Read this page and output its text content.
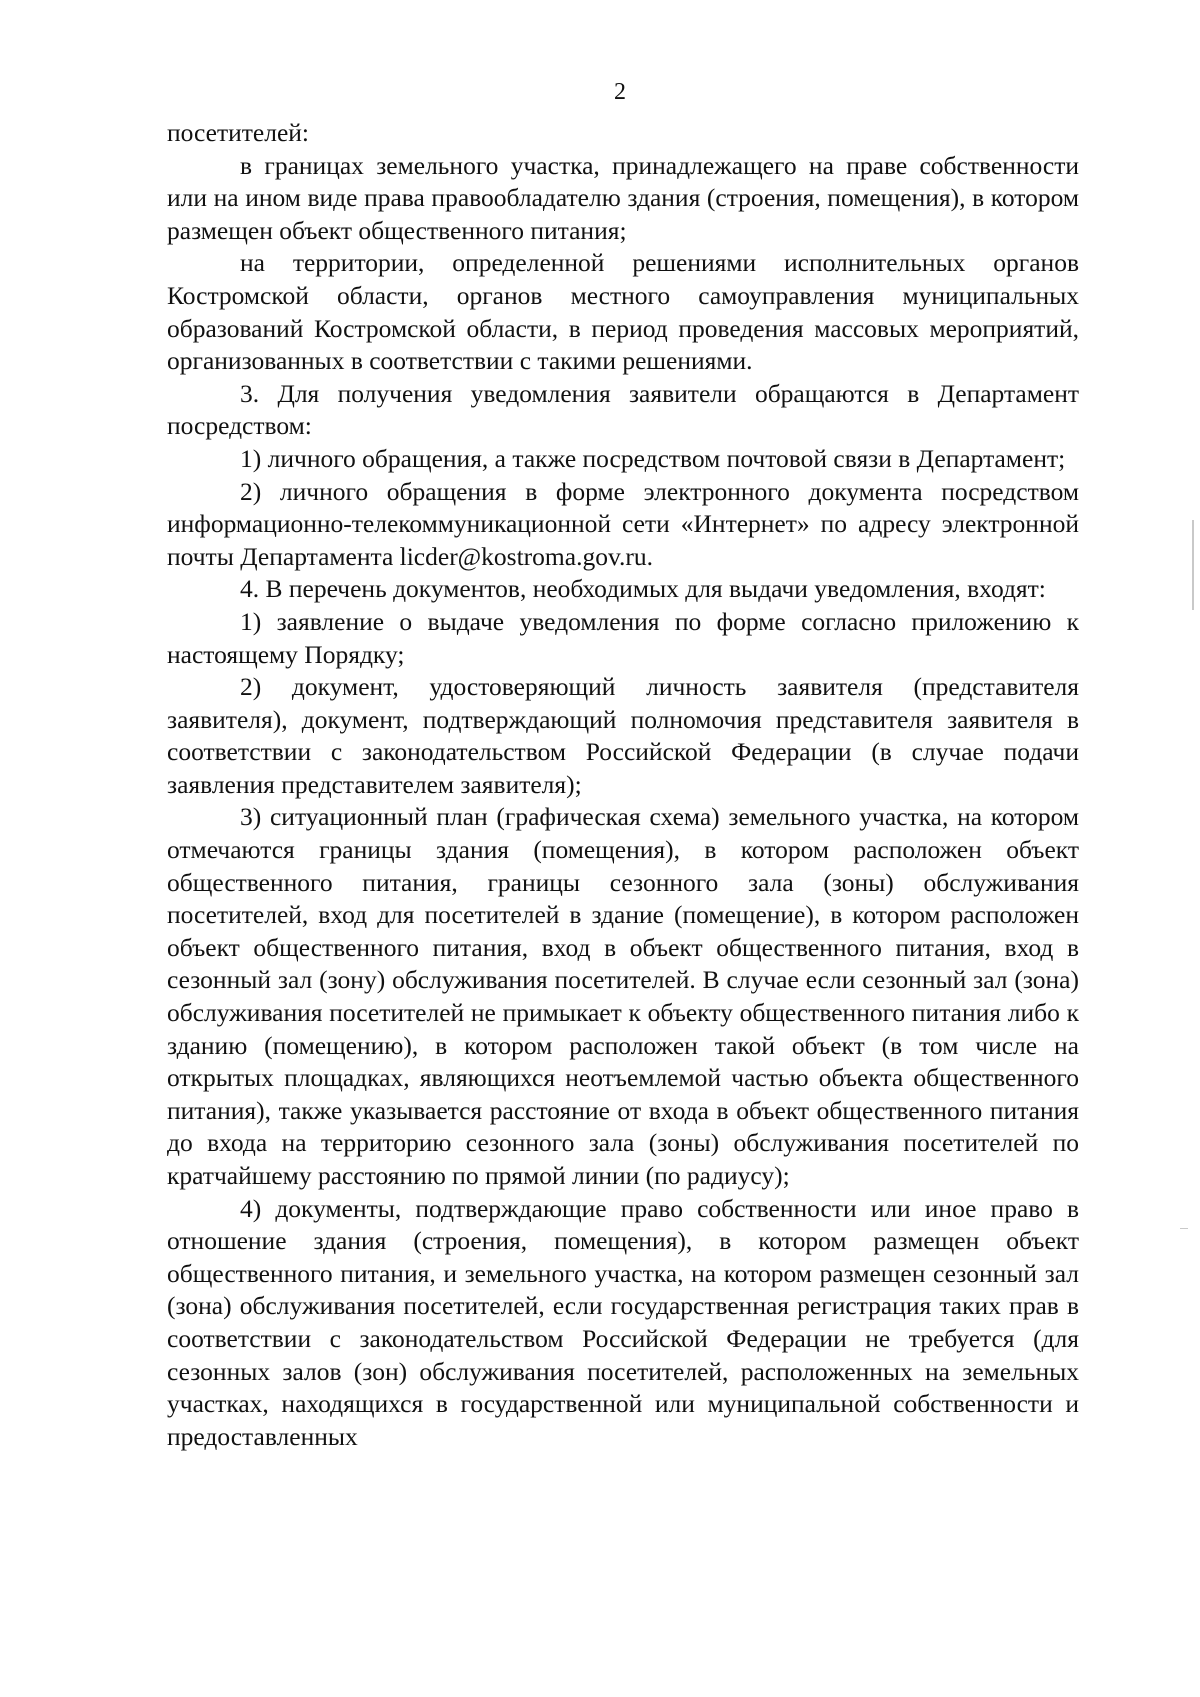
2

посетителей:

в границах земельного участка, принадлежащего на праве собственности или на ином виде права правообладателю здания (строения, помещения), в котором размещен объект общественного питания;

на территории, определенной решениями исполнительных органов Костромской области, органов местного самоуправления муниципальных образований Костромской области, в период проведения массовых мероприятий, организованных в соответствии с такими решениями.

3. Для получения уведомления заявители обращаются в Департамент посредством:

1) личного обращения, а также посредством почтовой связи в Департамент;

2) личного обращения в форме электронного документа посредством информационно-телекоммуникационной сети «Интернет» по адресу электронной почты Департамента licder@kostroma.gov.ru.

4. В перечень документов, необходимых для выдачи уведомления, входят:

1) заявление о выдаче уведомления по форме согласно приложению к настоящему Порядку;

2) документ, удостоверяющий личность заявителя (представителя заявителя), документ, подтверждающий полномочия представителя заявителя в соответствии с законодательством Российской Федерации (в случае подачи заявления представителем заявителя);

3) ситуационный план (графическая схема) земельного участка, на котором отмечаются границы здания (помещения), в котором расположен объект общественного питания, границы сезонного зала (зоны) обслуживания посетителей, вход для посетителей в здание (помещение), в котором расположен объект общественного питания, вход в объект общественного питания, вход в сезонный зал (зону) обслуживания посетителей. В случае если сезонный зал (зона) обслуживания посетителей не примыкает к объекту общественного питания либо к зданию (помещению), в котором расположен такой объект (в том числе на открытых площадках, являющихся неотъемлемой частью объекта общественного питания), также указывается расстояние от входа в объект общественного питания до входа на территорию сезонного зала (зоны) обслуживания посетителей по кратчайшему расстоянию по прямой линии (по радиусу);

4) документы, подтверждающие право собственности или иное право в отношение здания (строения, помещения), в котором размещен объект общественного питания, и земельного участка, на котором размещен сезонный зал (зона) обслуживания посетителей, если государственная регистрация таких прав в соответствии с законодательством Российской Федерации не требуется (для сезонных залов (зон) обслуживания посетителей, расположенных на земельных участках, находящихся в государственной или муниципальной собственности и предоставленных
